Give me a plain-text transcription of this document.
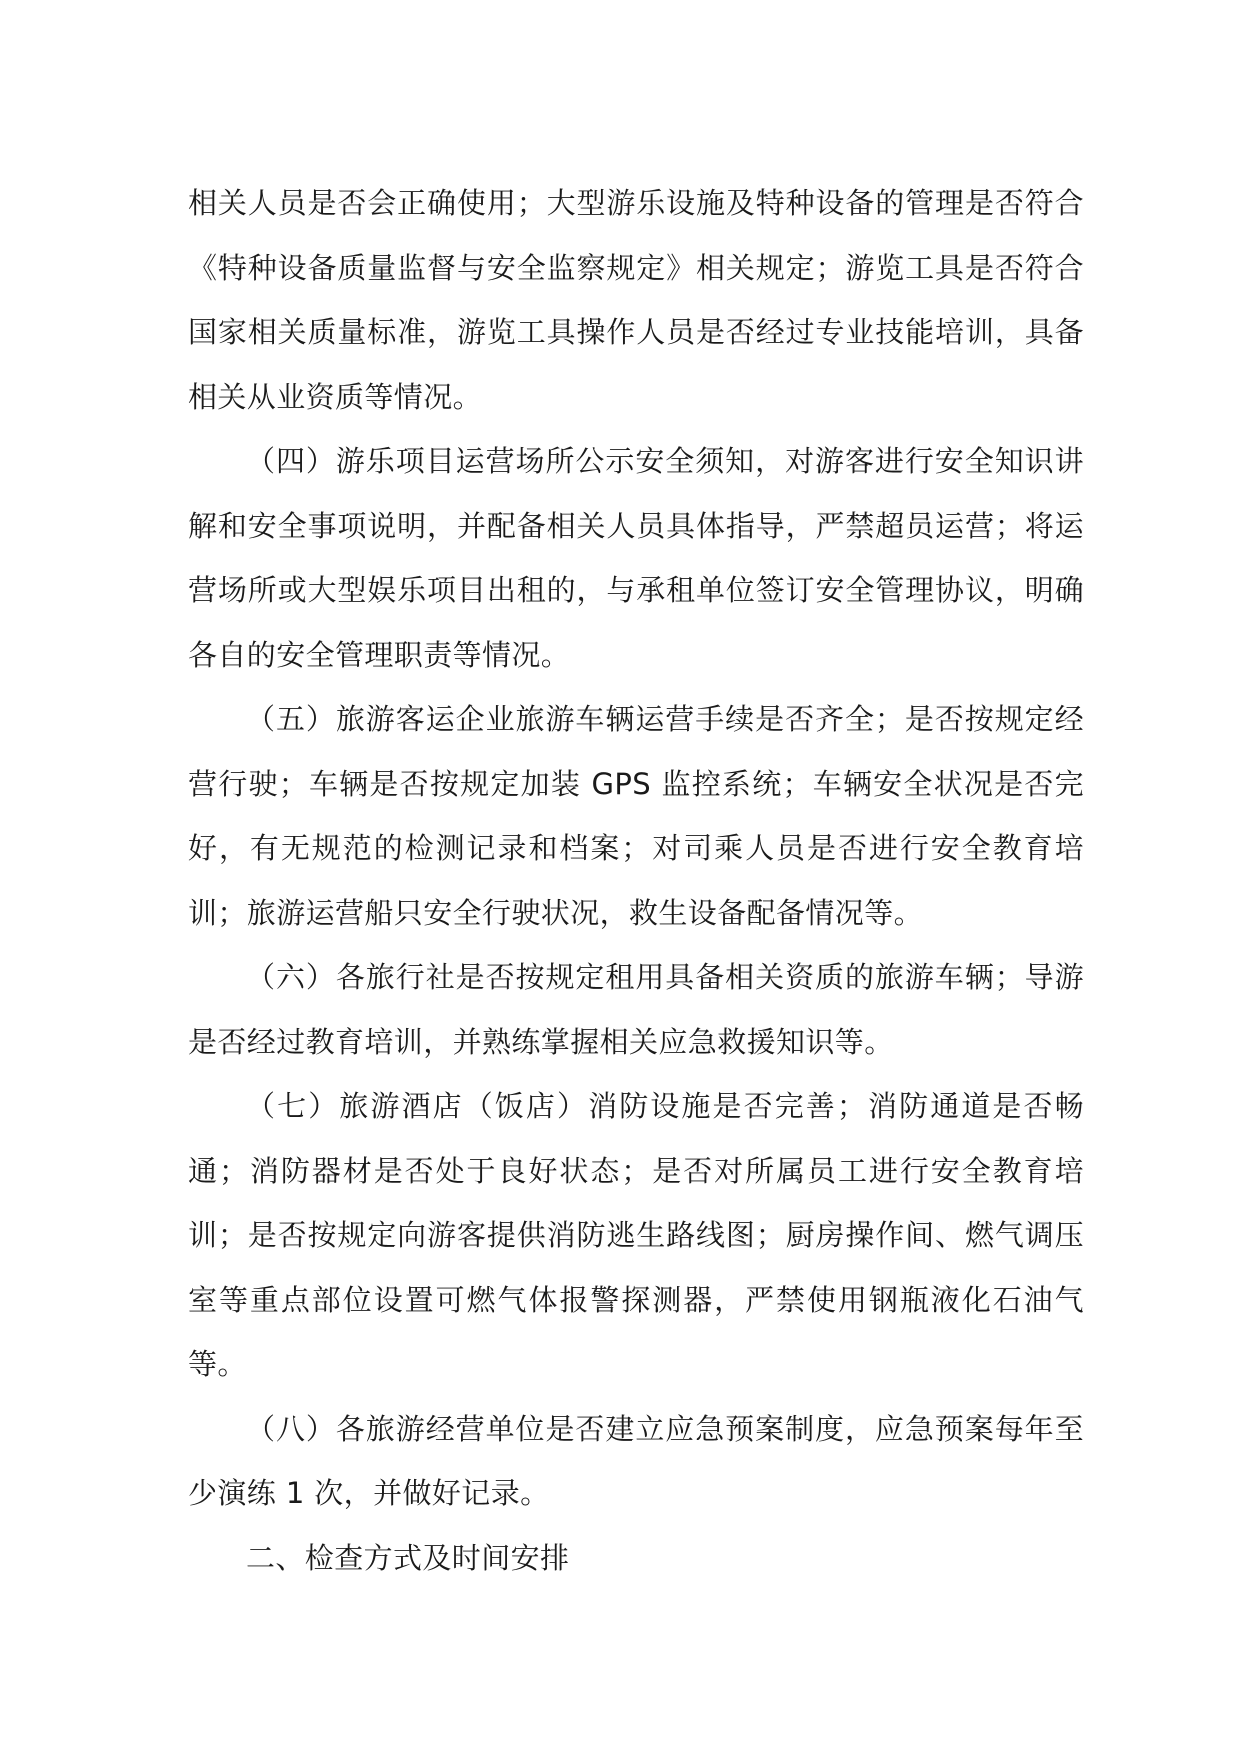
相关人员是否会正确使用；大型游乐设施及特种设备的管理是否符合《特种设备质量监督与安全监察规定》相关规定；游览工具是否符合国家相关质量标准，游览工具操作人员是否经过专业技能培训，具备相关从业资质等情况。

（四）游乐项目运营场所公示安全须知，对游客进行安全知识讲解和安全事项说明，并配备相关人员具体指导，严禁超员运营；将运营场所或大型娱乐项目出租的，与承租单位签订安全管理协议，明确各自的安全管理职责等情况。

（五）旅游客运企业旅游车辆运营手续是否齐全；是否按规定经营行驶；车辆是否按规定加装 GPS 监控系统；车辆安全状况是否完好，有无规范的检测记录和档案；对司乘人员是否进行安全教育培训；旅游运营船只安全行驶状况，救生设备配备情况等。

（六）各旅行社是否按规定租用具备相关资质的旅游车辆；导游是否经过教育培训，并熟练掌握相关应急救援知识等。

（七）旅游酒店（饭店）消防设施是否完善；消防通道是否畅通；消防器材是否处于良好状态；是否对所属员工进行安全教育培训；是否按规定向游客提供消防逃生路线图；厨房操作间、燃气调压室等重点部位设置可燃气体报警探测器，严禁使用钢瓶液化石油气等。

（八）各旅游经营单位是否建立应急预案制度，应急预案每年至少演练 1 次，并做好记录。

二、检查方式及时间安排
